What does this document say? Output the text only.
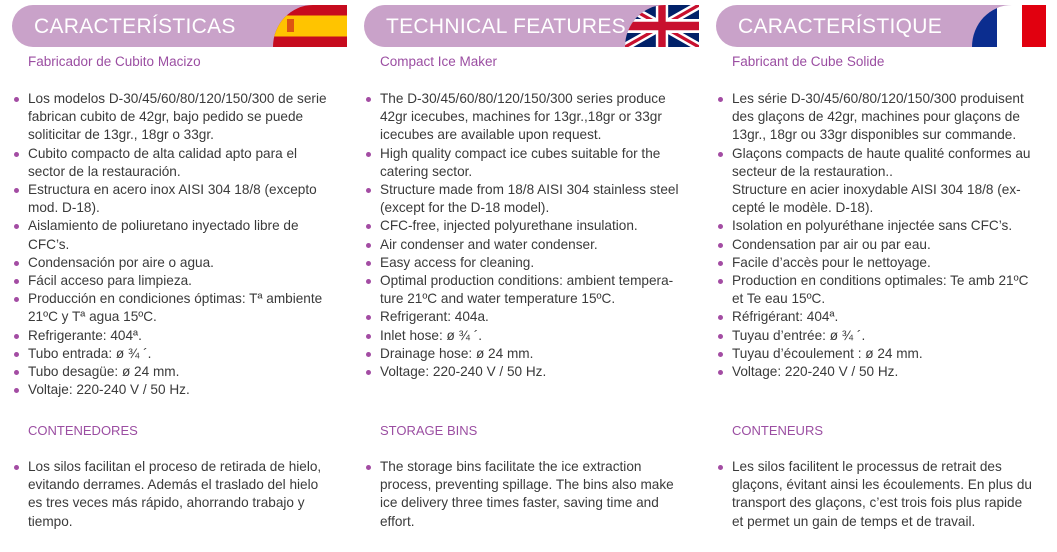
CARACTERÍSTICAS
Fabricador de Cubito Macizo
Los modelos D-30/45/60/80/120/150/300 de serie
fabrican cubito de 42gr, bajo pedido se puede
soliticitar de 13gr., 18gr o 33gr.
Cubito compacto de alta calidad apto para el
sector de la restauración.
Estructura en acero inox AISI 304 18/8 (excepto
mod. D-18).
Aislamiento de poliuretano inyectado libre de
CFC’s.
Condensación por aire o agua.
Fácil acceso para limpieza.
Producción en condiciones óptimas: Tª ambiente
21ºC y Tª agua 15ºC.
Refrigerante: 404ª.
Tubo entrada: ø ¾ ´.
Tubo desagüe: ø 24 mm.
Voltaje: 220-240 V / 50 Hz.
CONTENEDORES
Los silos facilitan el proceso de retirada de hielo,
evitando derrames. Además el traslado del hielo
es tres veces más rápido, ahorrando trabajo y
tiempo.
TECHNICAL FEATURES
Compact Ice Maker
The D-30/45/60/80/120/150/300 series produce
42gr icecubes, machines for 13gr.,18gr or 33gr
icecubes are available upon request.
High quality compact ice cubes suitable for the
catering sector.
Structure made from 18/8 AISI 304 stainless steel
(except for the D-18 model).
CFC-free, injected polyurethane insulation.
Air condenser and water condenser.
Easy access for cleaning.
Optimal production conditions: ambient tempera-
ture 21ºC and water temperature 15ºC.
Refrigerant: 404a.
Inlet hose: ø ¾ ´.
Drainage hose: ø 24 mm.
Voltage: 220-240 V / 50 Hz.
STORAGE BINS
The storage bins facilitate the ice extraction
process, preventing spillage. The bins also make
ice delivery three times faster, saving time and
effort.
CARACTERÍSTIQUE
Fabricant de Cube Solide
Les série D-30/45/60/80/120/150/300 produisent
des glaçons de 42gr, machines pour glaçons de
13gr., 18gr ou 33gr disponibles sur commande.
Glaçons compacts de haute qualité conformes au
secteur de la restauration..
Structure en acier inoxydable AISI 304 18/8 (ex-
cepté le modèle. D-18).
Isolation en polyuréthane injectée sans CFC’s.
Condensation par air ou par eau.
Facile d’accès pour le nettoyage.
Production en conditions optimales: Te amb 21ºC
et Te eau 15ºC.
Réfrigérant: 404ª.
Tuyau d’entrée: ø ¾ ´.
Tuyau d’écoulement : ø 24 mm.
Voltage: 220-240 V / 50 Hz.
CONTENEURS
Les silos facilitent le processus de retrait des
glaçons, évitant ainsi les écoulements. En plus du
transport des glaçons, c’est trois fois plus rapide
et permet un gain de temps et de travail.
